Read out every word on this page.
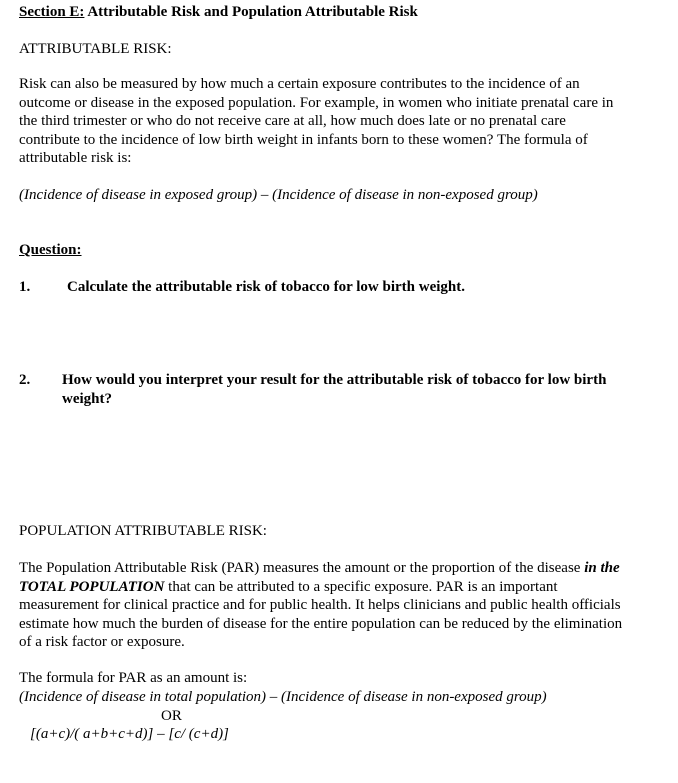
Section E: Attributable Risk and Population Attributable Risk
ATTRIBUTABLE RISK:

Risk can also be measured by how much a certain exposure contributes to the incidence of an outcome or disease in the exposed population. For example, in women who initiate prenatal care in the third trimester or who do not receive care at all, how much does late or no prenatal care contribute to the incidence of low birth weight in infants born to these women? The formula of attributable risk is:

(Incidence of disease in exposed group) – (Incidence of disease in non-exposed group)
Question:
1. Calculate the attributable risk of tobacco for low birth weight.
2. How would you interpret your result for the attributable risk of tobacco for low birth weight?
POPULATION ATTRIBUTABLE RISK:

The Population Attributable Risk (PAR) measures the amount or the proportion of the disease in the TOTAL POPULATION that can be attributed to a specific exposure. PAR is an important measurement for clinical practice and for public health. It helps clinicians and public health officials estimate how much the burden of disease for the entire population can be reduced by the elimination of a risk factor or exposure.

The formula for PAR as an amount is:
(Incidence of disease in total population) – (Incidence of disease in non-exposed group)
OR
[(a+c)/( a+b+c+d)] – [c/ (c+d)]
